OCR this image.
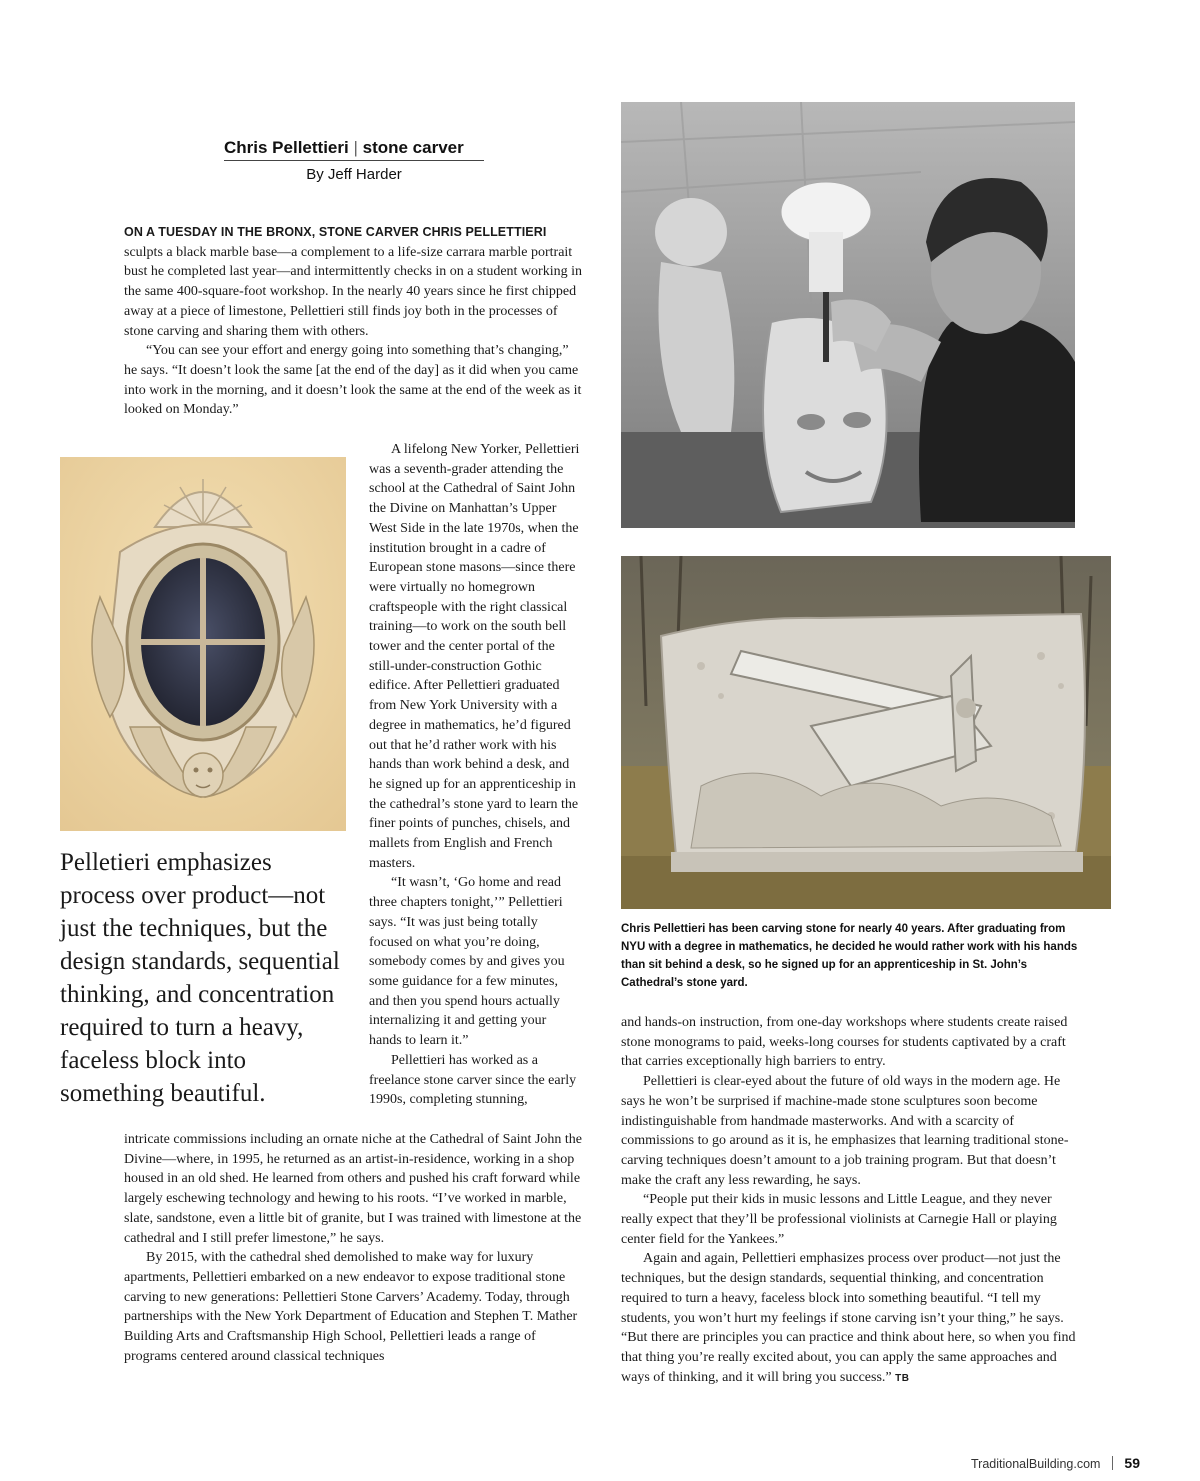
Chris Pellettieri | stone carver
By Jeff Harder

ON A TUESDAY IN THE BRONX, STONE CARVER CHRIS PELLETTIERI sculpts a black marble base—a complement to a life-size carrara marble portrait bust he completed last year—and intermittently checks in on a student working in the same 400-square-foot workshop. In the nearly 40 years since he first chipped away at a piece of limestone, Pellettieri still finds joy both in the processes of stone carving and sharing them with others.

“You can see your effort and energy going into something that’s changing,” he says. “It doesn’t look the same [at the end of the day] as it did when you came into work in the morning, and it doesn’t look the same at the end of the week as it looked on Monday.”

Pelletieri emphasizes process over product—not just the techniques, but the design standards, sequential thinking, and concentration required to turn a heavy, faceless block into something beautiful.

A lifelong New Yorker, Pellettieri was a seventh-grader attending the school at the Cathedral of Saint John the Divine on Manhattan’s Upper West Side in the late 1970s, when the institution brought in a cadre of European stone masons—since there were virtually no homegrown craftspeople with the right classical training—to work on the south bell tower and the center portal of the still-under-construction Gothic edifice. After Pellettieri graduated from New York University with a degree in mathematics, he’d figured out that he’d rather work with his hands than work behind a desk, and he signed up for an apprenticeship in the cathedral’s stone yard to learn the finer points of punches, chisels, and mallets from English and French masters.

“It wasn’t, ‘Go home and read three chapters tonight,’” Pellettieri says. “It was just being totally focused on what you’re doing, somebody comes by and gives you some guidance for a few minutes, and then you spend hours actually internalizing it and getting your hands to learn it.”

Pellettieri has worked as a freelance stone carver since the early 1990s, completing stunning,

intricate commissions including an ornate niche at the Cathedral of Saint John the Divine—where, in 1995, he returned as an artist-in-residence, working in a shop housed in an old shed. He learned from others and pushed his craft forward while largely eschewing technology and hewing to his roots. “I’ve worked in marble, slate, sandstone, even a little bit of granite, but I was trained with limestone at the cathedral and I still prefer limestone,” he says.

By 2015, with the cathedral shed demolished to make way for luxury apartments, Pellettieri embarked on a new endeavor to expose traditional stone carving to new generations: Pellettieri Stone Carvers’ Academy. Today, through partnerships with the New York Department of Education and Stephen T. Mather Building Arts and Craftsmanship High School, Pellettieri leads a range of programs centered around classical techniques

Chris Pellettieri has been carving stone for nearly 40 years. After graduating from NYU with a degree in mathematics, he decided he would rather work with his hands than sit behind a desk, so he signed up for an apprenticeship in St. John’s Cathedral’s stone yard.

and hands-on instruction, from one-day workshops where students create raised stone monograms to paid, weeks-long courses for students captivated by a craft that carries exceptionally high barriers to entry.

Pellettieri is clear-eyed about the future of old ways in the modern age. He says he won’t be surprised if machine-made stone sculptures soon become indistinguishable from handmade masterworks. And with a scarcity of commissions to go around as it is, he emphasizes that learning traditional stone-carving techniques doesn’t amount to a job training program. But that doesn’t make the craft any less rewarding, he says.

“People put their kids in music lessons and Little League, and they never really expect that they’ll be professional violinists at Carnegie Hall or playing center field for the Yankees.”

Again and again, Pellettieri emphasizes process over product—not just the techniques, but the design standards, sequential thinking, and concentration required to turn a heavy, faceless block into something beautiful. “I tell my students, you won’t hurt my feelings if stone carving isn’t your thing,” he says. “But there are principles you can practice and think about here, so when you find that thing you’re really excited about, you can apply the same approaches and ways of thinking, and it will bring you success.” TB

TraditionalBuilding.com 59
